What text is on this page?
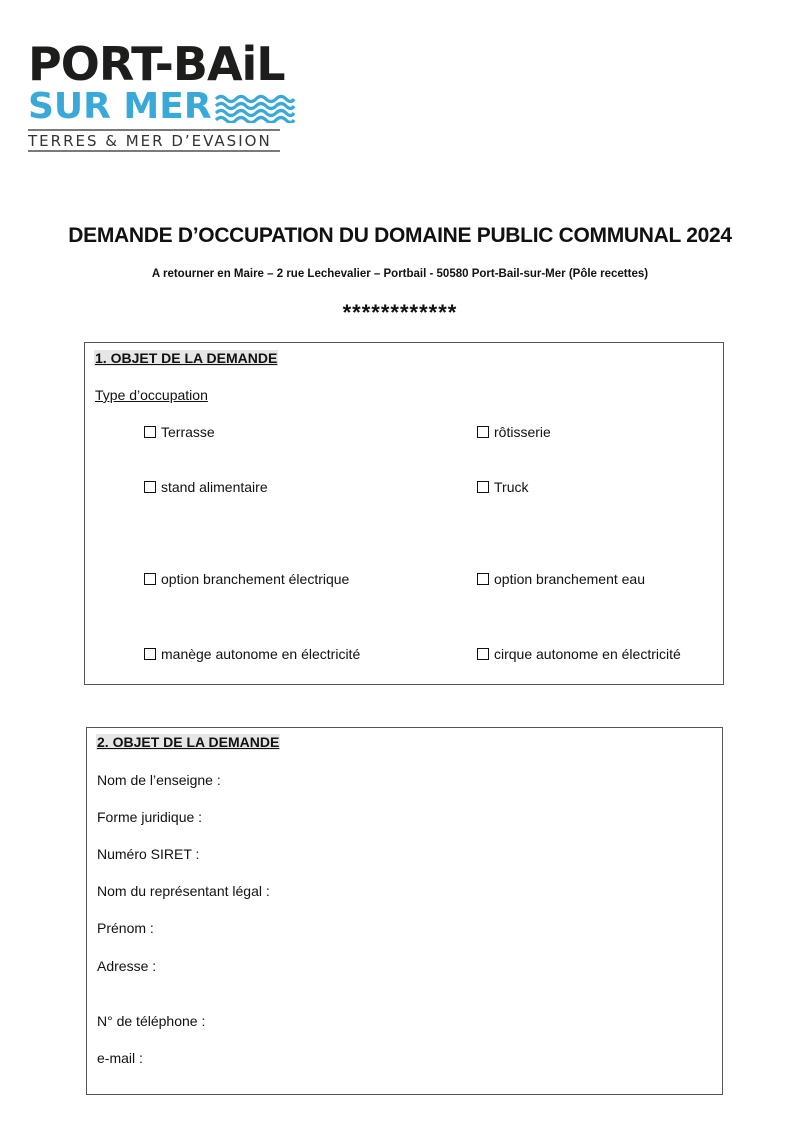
PORT-BAiL
SUR MER
TERRES & MER D’EVASION
DEMANDE D’OCCUPATION DU DOMAINE PUBLIC COMMUNAL 2024

A retourner en Maire – 2 rue Lechevalier – Portbail - 50580 Port-Bail-sur-Mer (Pôle recettes)

************
1. OBJET DE LA DEMANDE
Type d’occupation
Terrasse	rôtisserie
stand alimentaire	Truck
option branchement électrique	option branchement eau
manège autonome en électricité	cirque autonome en électricité
2. OBJET DE LA DEMANDE
Nom de l’enseigne :
Forme juridique :
Numéro SIRET :
Nom du représentant légal :
Prénom :
Adresse :
N° de téléphone :
e-mail :
